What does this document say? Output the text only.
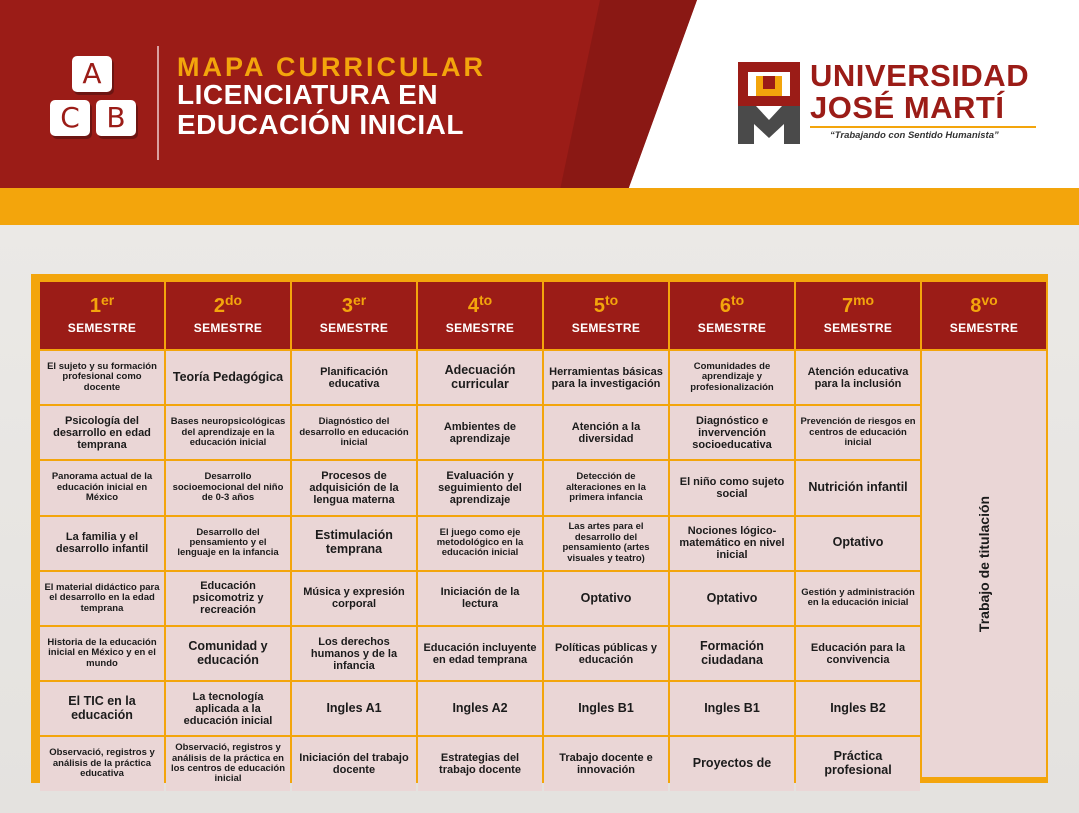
A
C B
MAPA CURRICULAR
LICENCIATURA EN
EDUCACIÓN INICIAL
UNIVERSIDAD
JOSÉ MARTÍ
“Trabajando con Sentido Humanista”
1er
SEMESTRE
El sujeto y su formación profesional como docente
Psicología del desarrollo en edad temprana
Panorama actual de la educación inicial en México
La familia y el desarrollo infantil
El material didáctico para el desarrollo en la edad temprana
Historia de la educación inicial en México y en el mundo
El TIC en la educación
Observació, registros y análisis de la práctica educativa
$2^{do}$
SEMESTRE
Teoría Pedagógica
Bases neuropsicológicas del aprendizaje en la educación inicial
Desarrollo socioemocional del niño de 0-3 años
Desarrollo del pensamiento y el lenguaje en la infancia
Educación psicomotriz y recreación
Comunidad y educación
La tecnología aplicada a la educación inicial
Observació, registros y análisis de la práctica en los centros de educación inicial
3er
SEMESTRE
Planificación educativa
Diagnóstico del desarrollo en educación inicial
Procesos de adquisición de la lengua materna
Estimulación temprana
Música y expresión corporal
Los derechos humanos y de la infancia
Ingles A1
Iniciación del trabajo docente
$4^{to}$
SEMESTRE
Adecuación curricular
Ambientes de aprendizaje
Evaluación y seguimiento del aprendizaje
El juego como eje metodológico en la educación inicial
Iniciación de la lectura
Educación incluyente en edad temprana
Ingles A2
Estrategias del trabajo docente
$5^{to}$
SEMESTRE
Herramientas básicas para la investigación
Atención a la diversidad
Detección de alteraciones en la primera infancia
Las artes para el desarrollo del pensamiento (artes visuales y teatro)
Optativo
Políticas públicas y educación
Ingles B1
Trabajo docente e innovación
$6^{to}$
SEMESTRE
Comunidades de aprendizaje y profesionalización
Diagnóstico e invervención socioeducativa
El niño como sujeto social
Nociones lógico-matemático en nivel inicial
Optativo
Formación ciudadana
Ingles B1
Proyectos de
$7^{mo}$
SEMESTRE
Atención educativa para la inclusión
Prevención de riesgos en centros de educación inicial
Nutrición infantil
Optativo
Gestión y administración en la educación inicial
Educación para la convivencia
Ingles B2
Práctica profesional
$8^{vo}$
SEMESTRE
Trabajo de titulación
